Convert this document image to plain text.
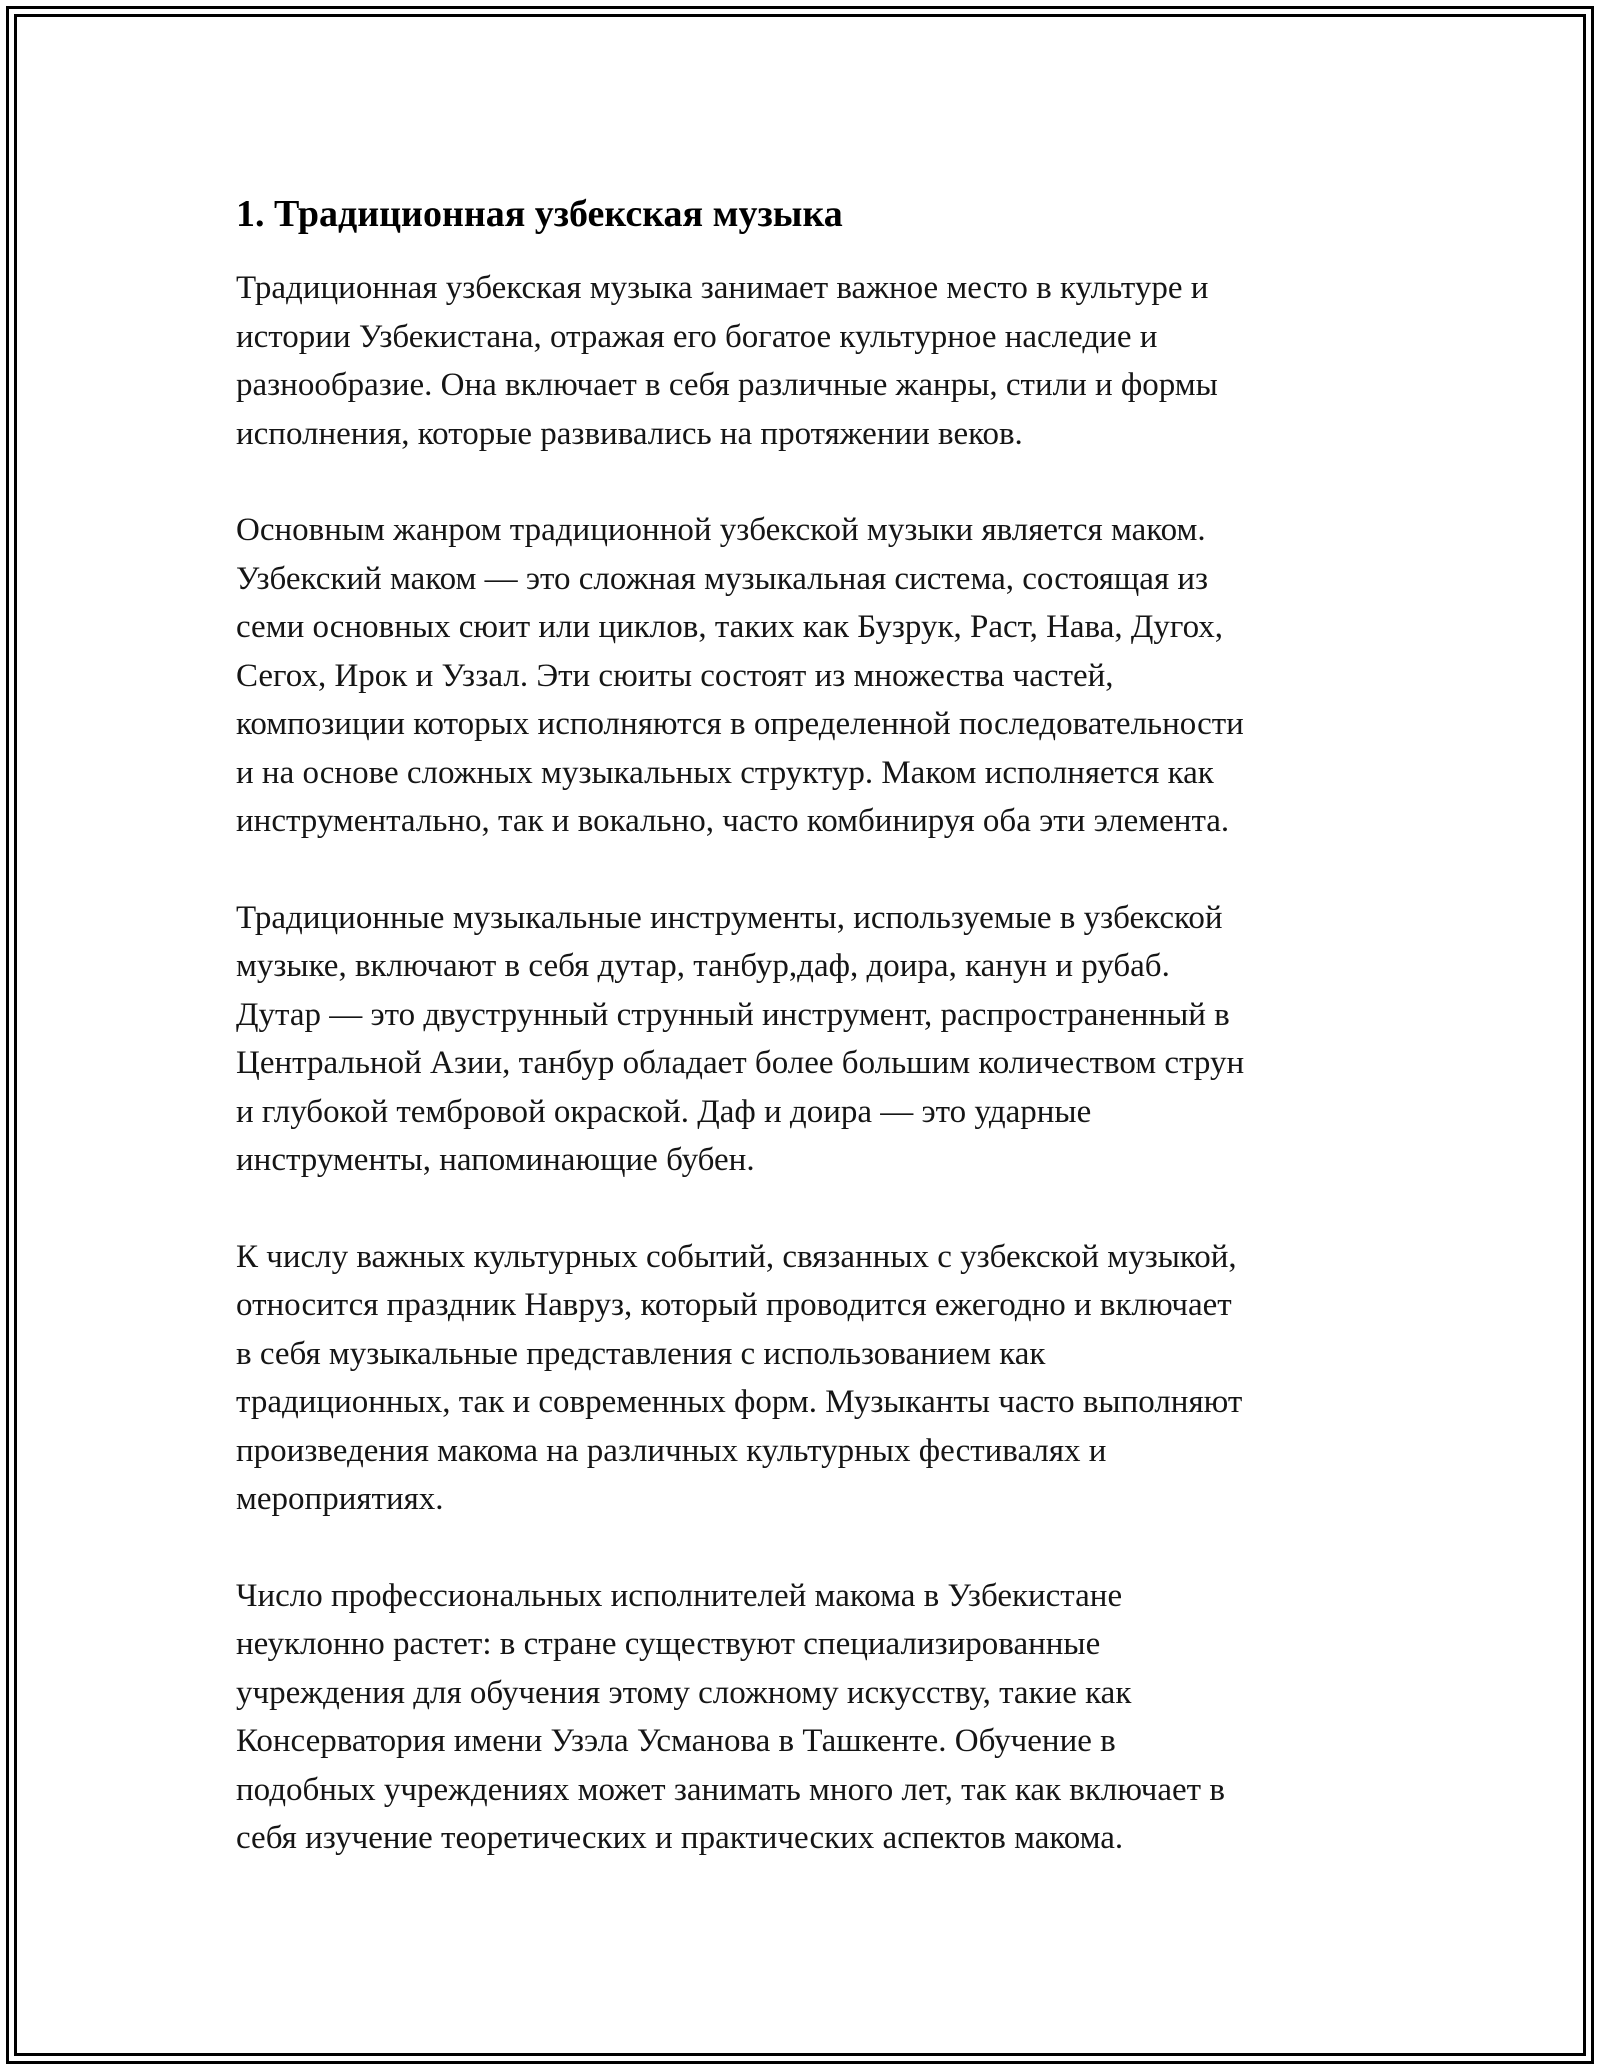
1. Традиционная узбекская музыка

Традиционная узбекская музыка занимает важное место в культуре и
истории Узбекистана, отражая его богатое культурное наследие и
разнообразие. Она включает в себя различные жанры, стили и формы
исполнения, которые развивались на протяжении веков.

Основным жанром традиционной узбекской музыки является маком.
Узбекский маком — это сложная музыкальная система, состоящая из
семи основных сюит или циклов, таких как Бузрук, Раст, Нава, Дугох,
Сегох, Ирок и Уззал. Эти сюиты состоят из множества частей,
композиции которых исполняются в определенной последовательности
и на основе сложных музыкальных структур. Маком исполняется как
инструментально, так и вокально, часто комбинируя оба эти элемента.

Традиционные музыкальные инструменты, используемые в узбекской
музыке, включают в себя дутар, танбур,даф, доира, канун и рубаб.
Дутар — это двуструнный струнный инструмент, распространенный в
Центральной Азии, танбур обладает более большим количеством струн
и глубокой тембровой окраской. Даф и доира — это ударные
инструменты, напоминающие бубен.

К числу важных культурных событий, связанных с узбекской музыкой,
относится праздник Навруз, который проводится ежегодно и включает
в себя музыкальные представления с использованием как
традиционных, так и современных форм. Музыканты часто выполняют
произведения макома на различных культурных фестивалях и
мероприятиях.

Число профессиональных исполнителей макома в Узбекистане
неуклонно растет: в стране существуют специализированные
учреждения для обучения этому сложному искусству, такие как
Консерватория имени Узэла Усманова в Ташкенте. Обучение в
подобных учреждениях может занимать много лет, так как включает в
себя изучение теоретических и практических аспектов макома.
